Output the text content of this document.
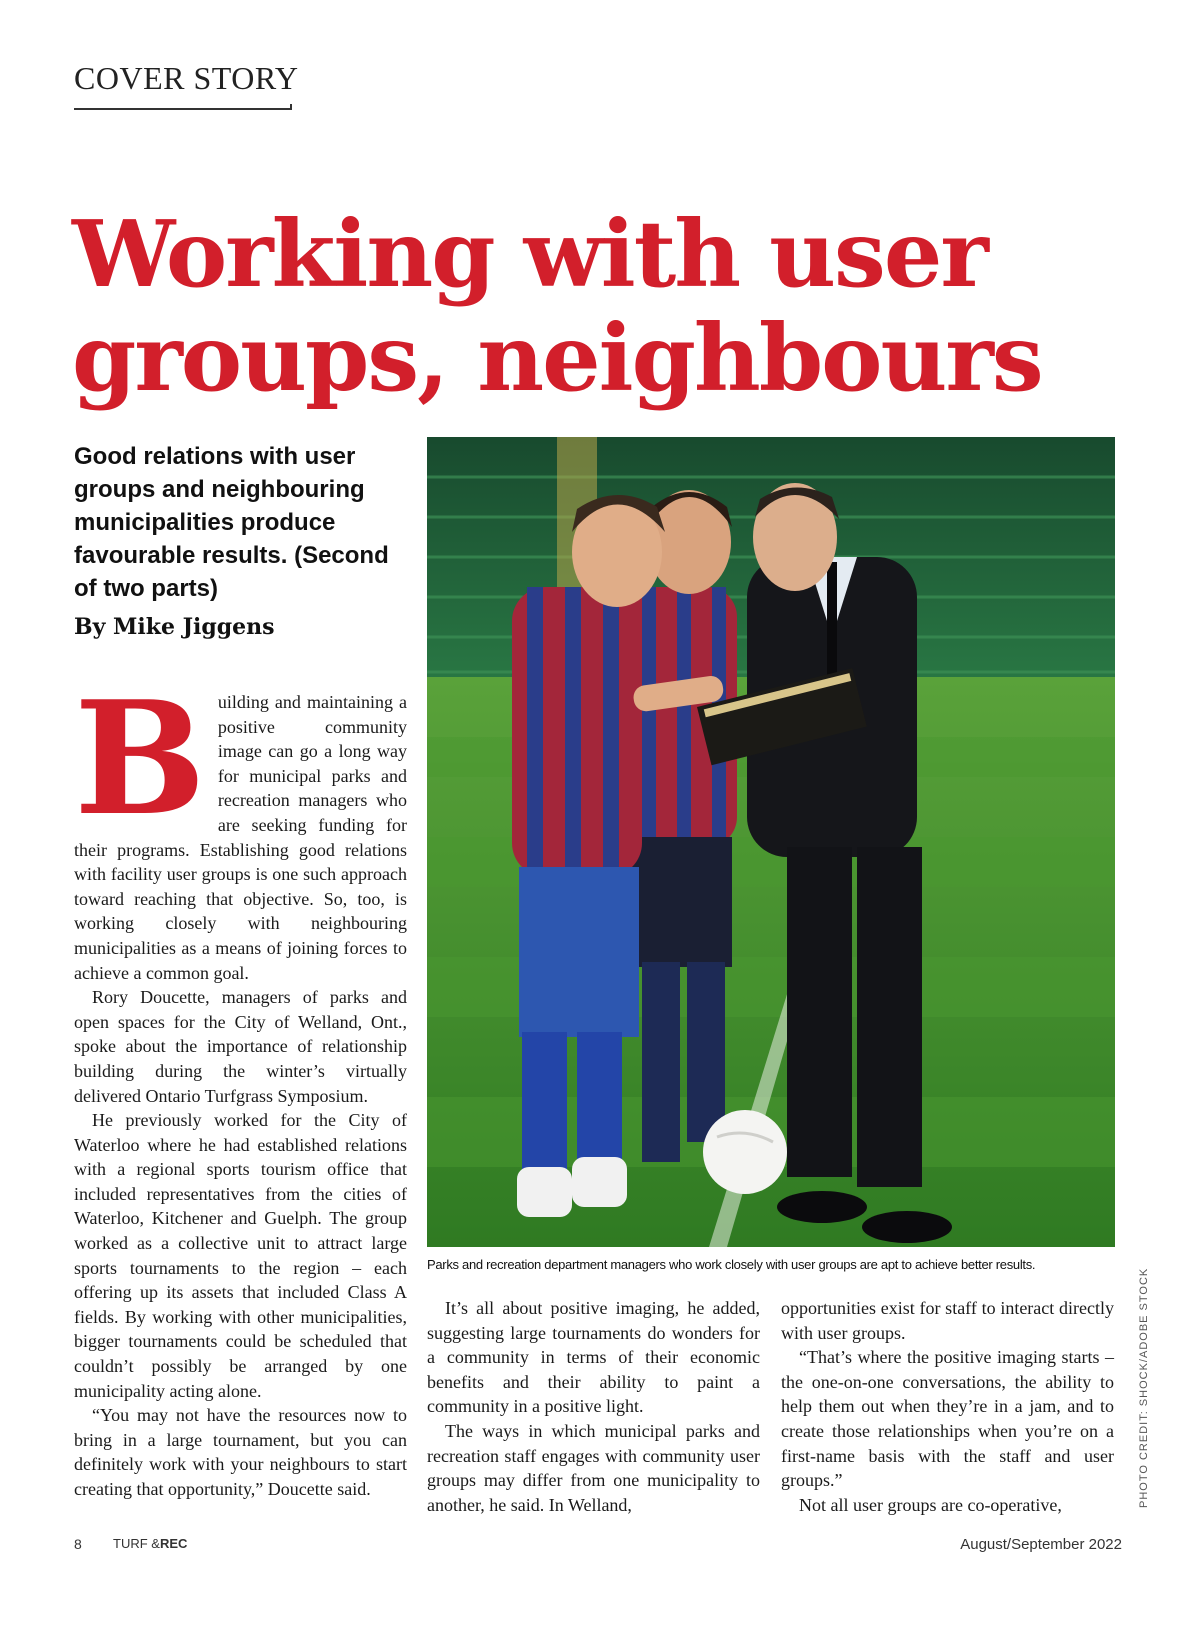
COVER STORY
Working with user groups, neighbours

Good relations with user groups and neighbouring municipalities produce favourable results. (Second of two parts)

By Mike Jiggens

Building and maintaining a positive community image can go a long way for municipal parks and recreation managers who are seeking funding for their programs. Establishing good relations with facility user groups is one such approach toward reaching that objective. So, too, is working closely with neighbouring municipalities as a means of joining forces to achieve a common goal.

Rory Doucette, managers of parks and open spaces for the City of Welland, Ont., spoke about the importance of relationship building during the winter’s virtually delivered Ontario Turfgrass Symposium.

He previously worked for the City of Waterloo where he had established relations with a regional sports tourism office that included representatives from the cities of Waterloo, Kitchener and Guelph. The group worked as a collective unit to attract large sports tournaments to the region – each offering up its assets that included Class A fields. By working with other municipalities, bigger tournaments could be scheduled that couldn’t possibly be arranged by one municipality acting alone.

“You may not have the resources now to bring in a large tournament, but you can definitely work with your neighbours to start creating that opportunity,” Doucette said.

Parks and recreation department managers who work closely with user groups are apt to achieve better results.

It’s all about positive imaging, he added, suggesting large tournaments do wonders for a community in terms of their economic benefits and their ability to paint a community in a positive light.

The ways in which municipal parks and recreation staff engages with community user groups may differ from one municipality to another, he said. In Welland,

opportunities exist for staff to interact directly with user groups.

“That’s where the positive imaging starts – the one-on-one conversations, the ability to help them out when they’re in a jam, and to create those relationships when you’re on a first-name basis with the staff and user groups.”

Not all user groups are co-operative,	PHOTO CREDIT: SHOCK/ADOBE STOCK
8 TURF &REC	August/September 2022
